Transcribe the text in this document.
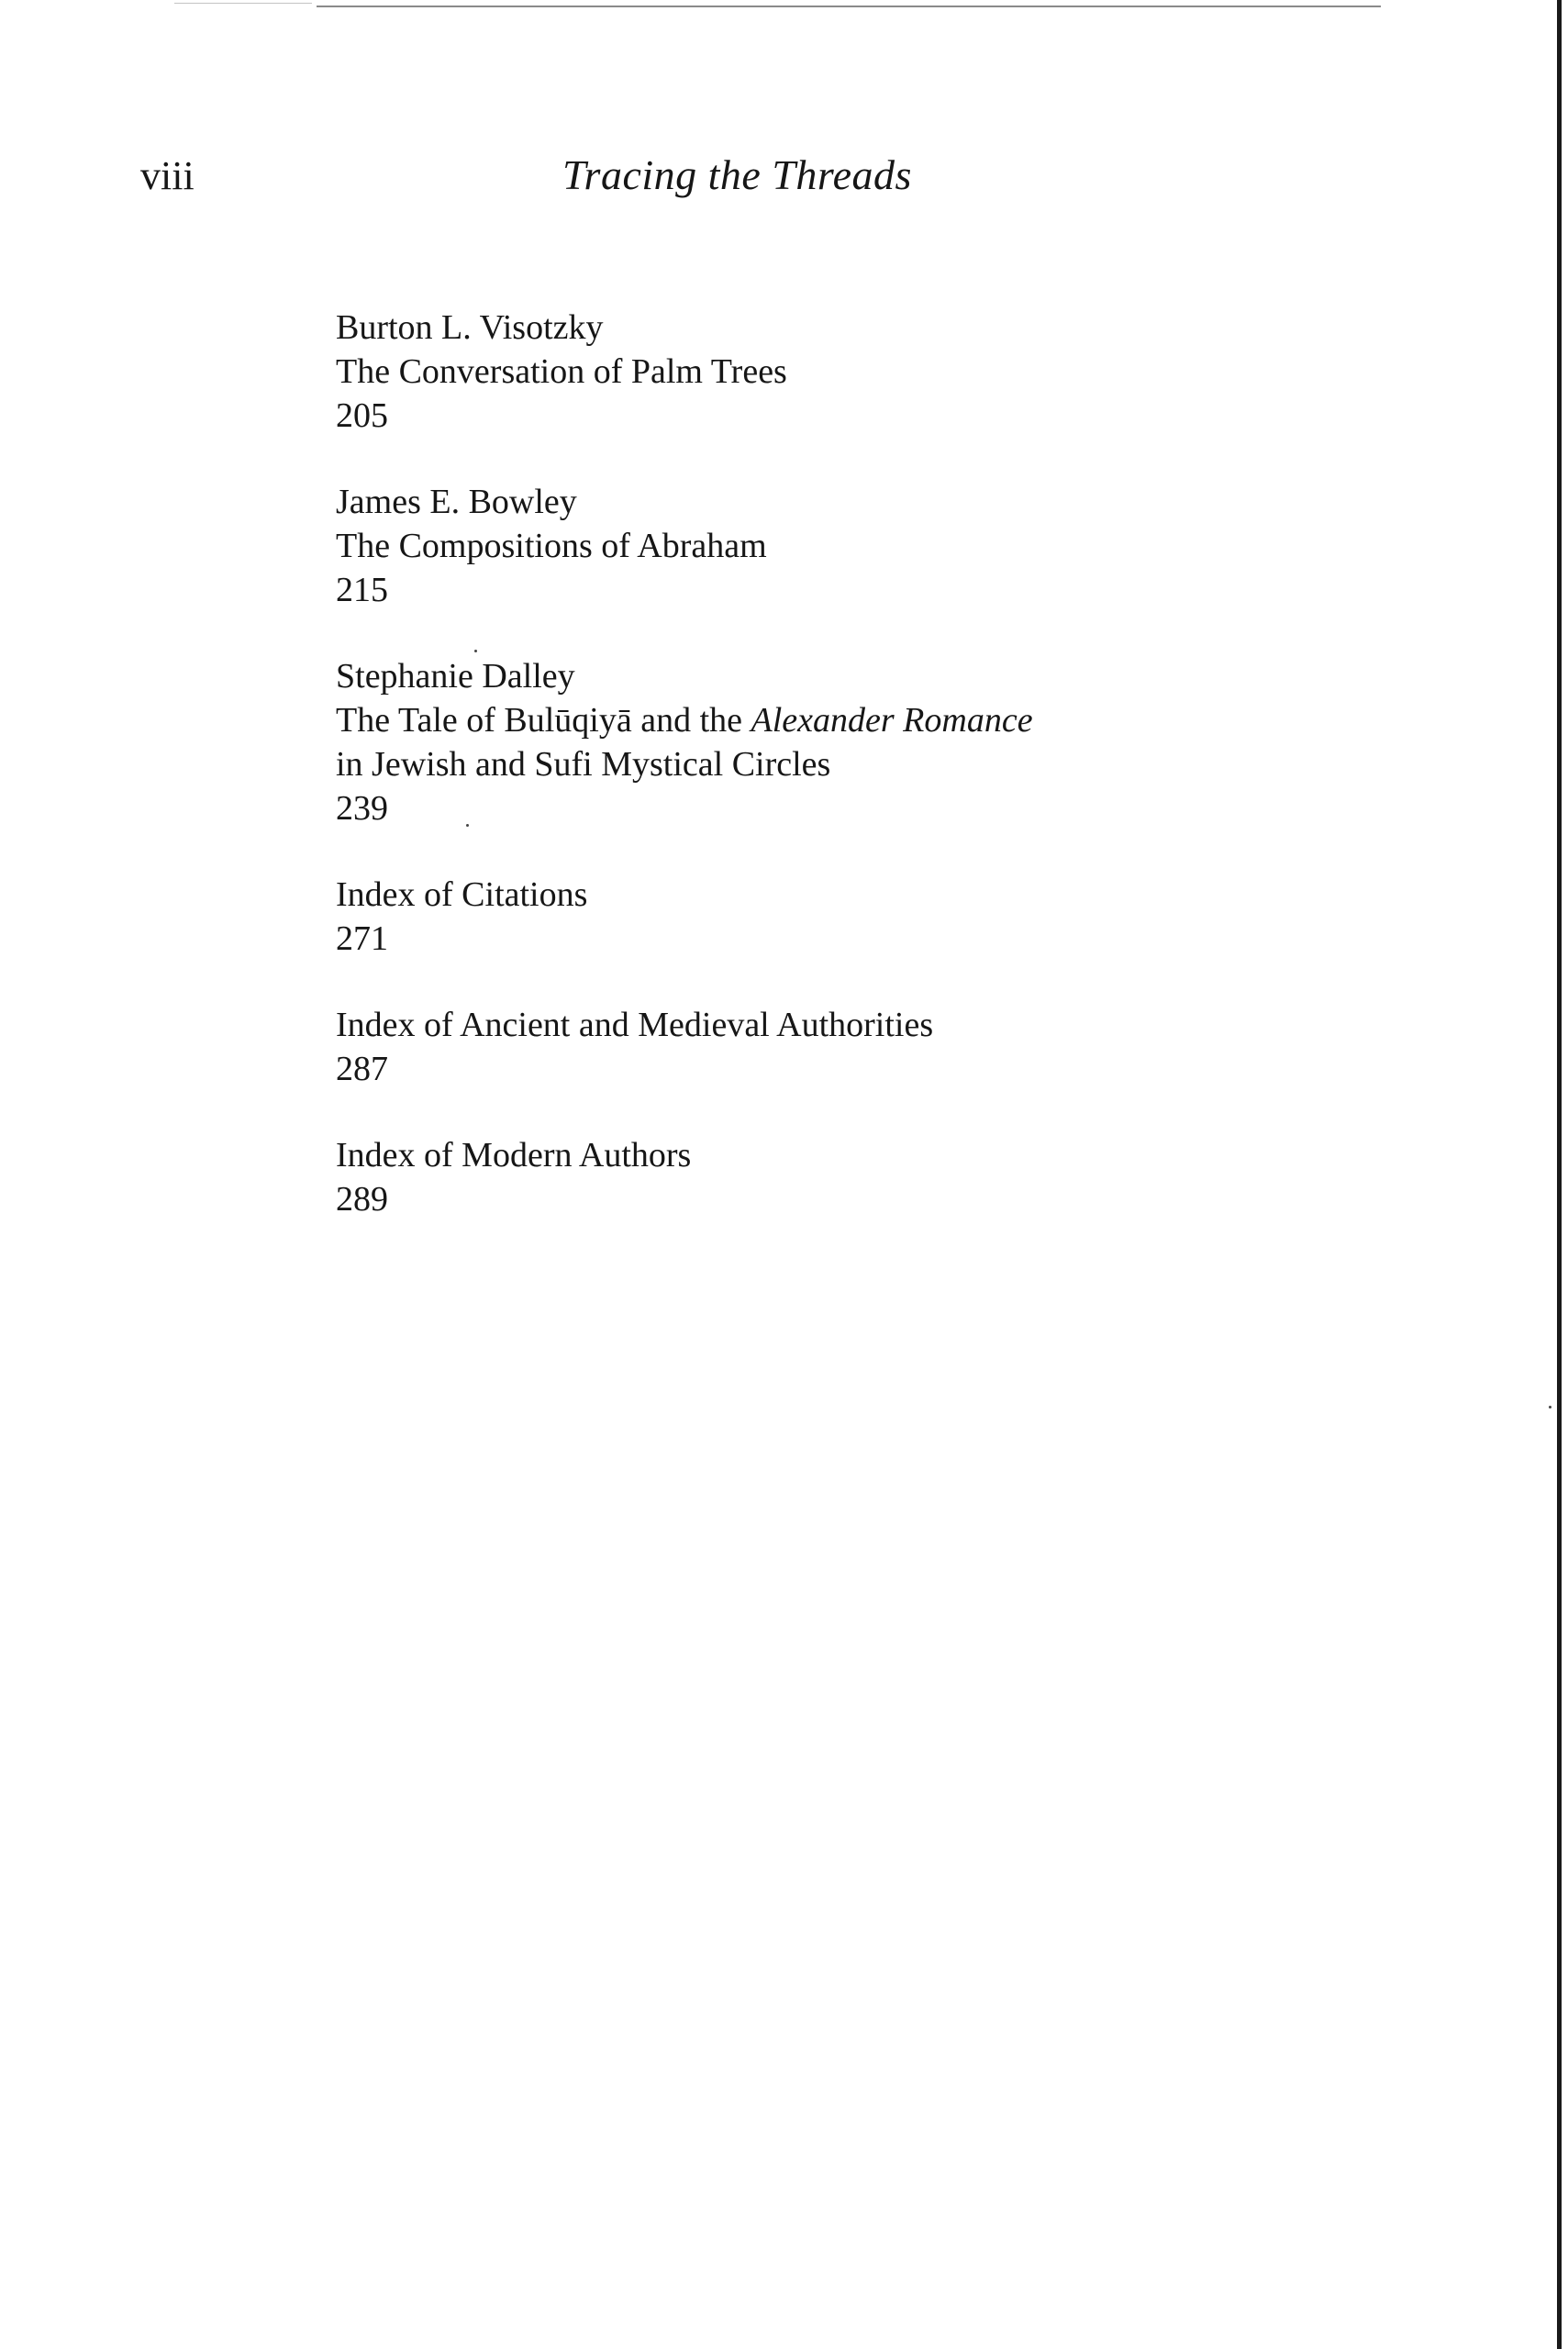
viii	Tracing the Threads
Burton L. Visotzky
The Conversation of Palm Trees
205
James E. Bowley
The Compositions of Abraham
215
Stephanie Dalley
The Tale of Bulūqiyā and the Alexander Romance
in Jewish and Sufi Mystical Circles
239
Index of Citations
271
Index of Ancient and Medieval Authorities
287
Index of Modern Authors
289
